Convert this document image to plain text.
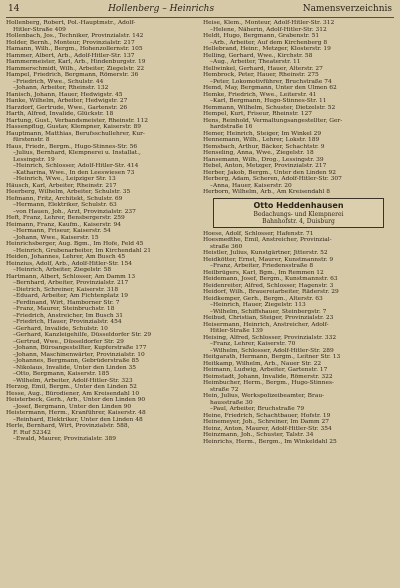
14	Hollenberg – Heinrichs	Namensverzeichnis
Hollenberg, Robert, Pol.-Hauptmstr., Adolf-
Hitler-Straße 409
Hollenbach, Jos., Techniker, Provinzialstr. 142
Holder, Bernh., Monteur, Provinzialstr. 217
Hamann, Wilh., Bergm., Hohenzollernstr. 105
Hammer, Albert, Arb., Adolf-Hitler-Str. 137
Hammermeister, Karl, Arb., Hindenburgstr. 19
Hammerschmidt, Wilh., Arbeiter, Ziegelstr. 22
Hampel, Friedrich, Bergmann, Römerstr. 36
–Friedrich, Wwe., Schulstr. 44
–Johann, Arbeiter, Rheinstr. 132
Hanisch, Johann, Hauer, Hedwigstr. 45
Hanke, Wilhelm, Arbeiter, Hedwigstr. 27
Harzdorf, Gertrude, Wwe., Gartenstr. 26
Harth, Alfred, Invalide, Glückstr. 18
Hartung, Gust., Verbandsmeister, Rheinstr. 112
Hassenpflug, Gustav, Klempner, Kaiserstr. 89
Hauptmann, Matthias, Berufsschullehrer, Kur-
fürstenstr. 8
Haus, Friedr., Bergm., Hugo-Stinnes-Str. 56
–Julius, Bernhard, Klempnerei u. Installat.,
Lessingstr. 19
–Heinrich, Schlosser, Adolf-Hitler-Str. 414
–Katharina, Wwe., In den Leeswiesen 73
–Heinrich, Wwe., Leipziger Str. 13
Häusch, Karl, Arbeiter, Rheinstr. 217
Heerberg, Wilhelm, Arbeiter, Schulstr. 35
Hefmann, Fritz, Architekt, Schulstr. 69
–Hermann, Elektriker, Schulstr. 63
–von Hauen, Joh., Arzt, Provinzialstr. 237
Heft, Franz, Lehrer, Bensbergerstr. 259
Heimann, Franz, Kaufm., Kaiserstr. 94
–Hermann, Friseur, Kaiserstr. 54
–Johann, Wwe., Kaiserstr. 15
Heinrichsberger, Aug. Bgm., Im Hofe, Feld 45
–Heinrich, Grubenarbeiter, Im Kirchendahl 21
Heiden, Johannes, Lehrer, Am Busch 45
Heinzius, Adolf, Arb., Adolf-Hitler-Str. 154
–Heinrich, Arbeiter, Ziegelstr. 58
Hartmann, Albert, Schlosser, Am Damm 13
–Bernhard, Arbeiter, Provinzialstr. 217
–Dietrich, Schreiner, Kaiserstr. 318
–Eduard, Arbeiter, Am Fichtenplatz 19
–Ferdinand, Wirt, Hamborner Str. 7
–Franz, Maurer, Steinbruchstr. 18
–Friedrich, Anstreicher, Im Busch 31
–Friedrich, Hauer, Provinzialstr. 454
–Gerhard, Invalide, Schulstr. 10
–Gerhard, Kanzleigehilfe, Düsseldorfer Str. 29
–Gertrud, Wwe., Düsseldorfer Str. 29
–Johann, Büroangestellter, Kupferstraße 177
–Johann, Maschinenwärter, Provinzialstr. 10
–Johannes, Bergmann, Gebrüderstraße 85
–Nikolaus, Invalide, Unter den Linden 35
–Otto, Bergmann, Kaiserstr. 185
–Wilhelm, Arbeiter, Adolf-Hitler-Str. 323
Herzog, Emil, Bergm., Unter den Linden 52
Hesse, Aug., Bürodiener, Am Kreisendahl 10
Heisterbeck, Gerh., Arb., Unter den Linden 90
–Josef, Bergmann, Unter den Linden 90
Heistermann, Herm., Kranführer, Kaiserstr. 48
–Reinhard, Elektriker, Unter den Linden 48
Herle, Bernhard, Wirt, Provinzialstr. 588,
F. Ruf 52342
–Ewald, Maurer, Provinzialstr. 389
Heise, Klem., Monteur, Adolf-Hitler-Str. 312
–Helene, Näherin, Adolf-Hitler-Str. 312
Heldt, Hugo, Bergmann, Grabenstr. 51
–Arb., Arbeiter, Auf dem Kirchenberg 8
Hellebrand, Heinr., Metzger, Klosterstr. 19
Helling, Gerhard, Wwe., Kirchstr. 58
–Aug., Arbeiter, Theaterstr. 11
Hellwinkel, Gerhard, Hauer, Alterstr. 27
Hembrock, Peter, Hauer, Rheinstr. 275
–Peter, Lokomotivführer, Bruchstraße 74
Hemd, May, Bergmann, Unter den Ulmen 62
Hemke, Friedrich, Wwe., Leiterstr. 41
–Karl, Bergmann, Hugo-Stinnes-Str. 11
Hemmann, Wilhelm, Schuster, Dietzelstr. 52
Hempel, Kurt, Friseur, Rheinstr. 127
Hens, Reinhold, Vermaltungsangestellter, Ger-
hardstraße 16
Hemer, Heinrich, Steiger, Im Winkel 29
Hennemann, Wilh., Lehrer, Lokstr. 189
Hemsbach, Arthur, Bäcker, Schachtstr. 9
Henseling, Anna, Wwe., Ziegelstr. 18
Hansemann, Wilh., Drog., Lessingstr. 39
Hebel, Anton, Metzger, Provinzialstr. 217
Herber, Jakob, Bergm., Unter den Linden 92
Herberg, Adam, Scheren, Adolf-Hitler-Str. 307
–Anna, Hauer, Kaiserstr. 20
Herborn, Wilhelm, Arb., Am Kreisendahl 8
Otto Heddenhausen
Bedachungs- und Klempnerei
Bahnhofstr. 4, Duisburg
Hoese, Adolf, Schlosser, Hafenstr. 71
Hoesmedthe, Emil, Anstreicher, Provinzial-
straße 360
Heistler, Julius, Kunstgärtner, Jitterstr. 52
Heidkötter, Ernst, Maurer, Kunstmannstr. 9
–Franz, Arbeiter, Friedensstraße 8
Heilbrügers, Karl, Bgm., Im Remmen 12
Heidemann, Josef, Bergm., Kunstmannstr. 63
Heidenreiter, Alfred, Schlosser, Hagenstr. 3
Heidorf, Wilh., Brauereiarbeiter, Räderstr. 29
Heidkemper, Gerh., Bergm., Alterstr. 63
–Heinrich, Hauer, Ziegelstr. 113
–Wilhelm, Schiffshauer, Steinbergstr. 7
Heibud, Christian, Steiger, Provinzialstr. 23
Heisermann, Heinrich, Anstreicher, Adolf-
Hitler-Straße 139
Heising, Alfred, Schlosser, Provinzialstr. 332
–Franz, Lehrer, Kaiserstr. 70
–Wilhelm, Schlosser, Adolf-Hitler-Str. 289
Heitgarath, Hermann, Bergm., Leitner Str. 13
Heitkamp, Wilhelm, Arb., Nauer Str. 22
Heimann, Ludwig, Arbeiter, Gartenstr. 17
Heimstadt, Johann, Invalide, Römerstr. 322
Heimbucher, Herm., Bergm., Hugo-Stinnes-
straße 72
Hein, Julius, Werkspolizeibeamter, Brau-
hausstraße 30
–Paul, Arbeiter, Bruchstraße 79
Heine, Friedrich, Schachtbauer, Hofstr. 19
Heinemeyer, Joh., Schreiner, Im Damm 27
Heinz, Anton, Maurer, Adolf-Hitler-Str. 354
Heinzmann, Joh., Schuster, Talstr. 34
Heinrichs, Herm., Bergm., Im Winkeldahl 25
